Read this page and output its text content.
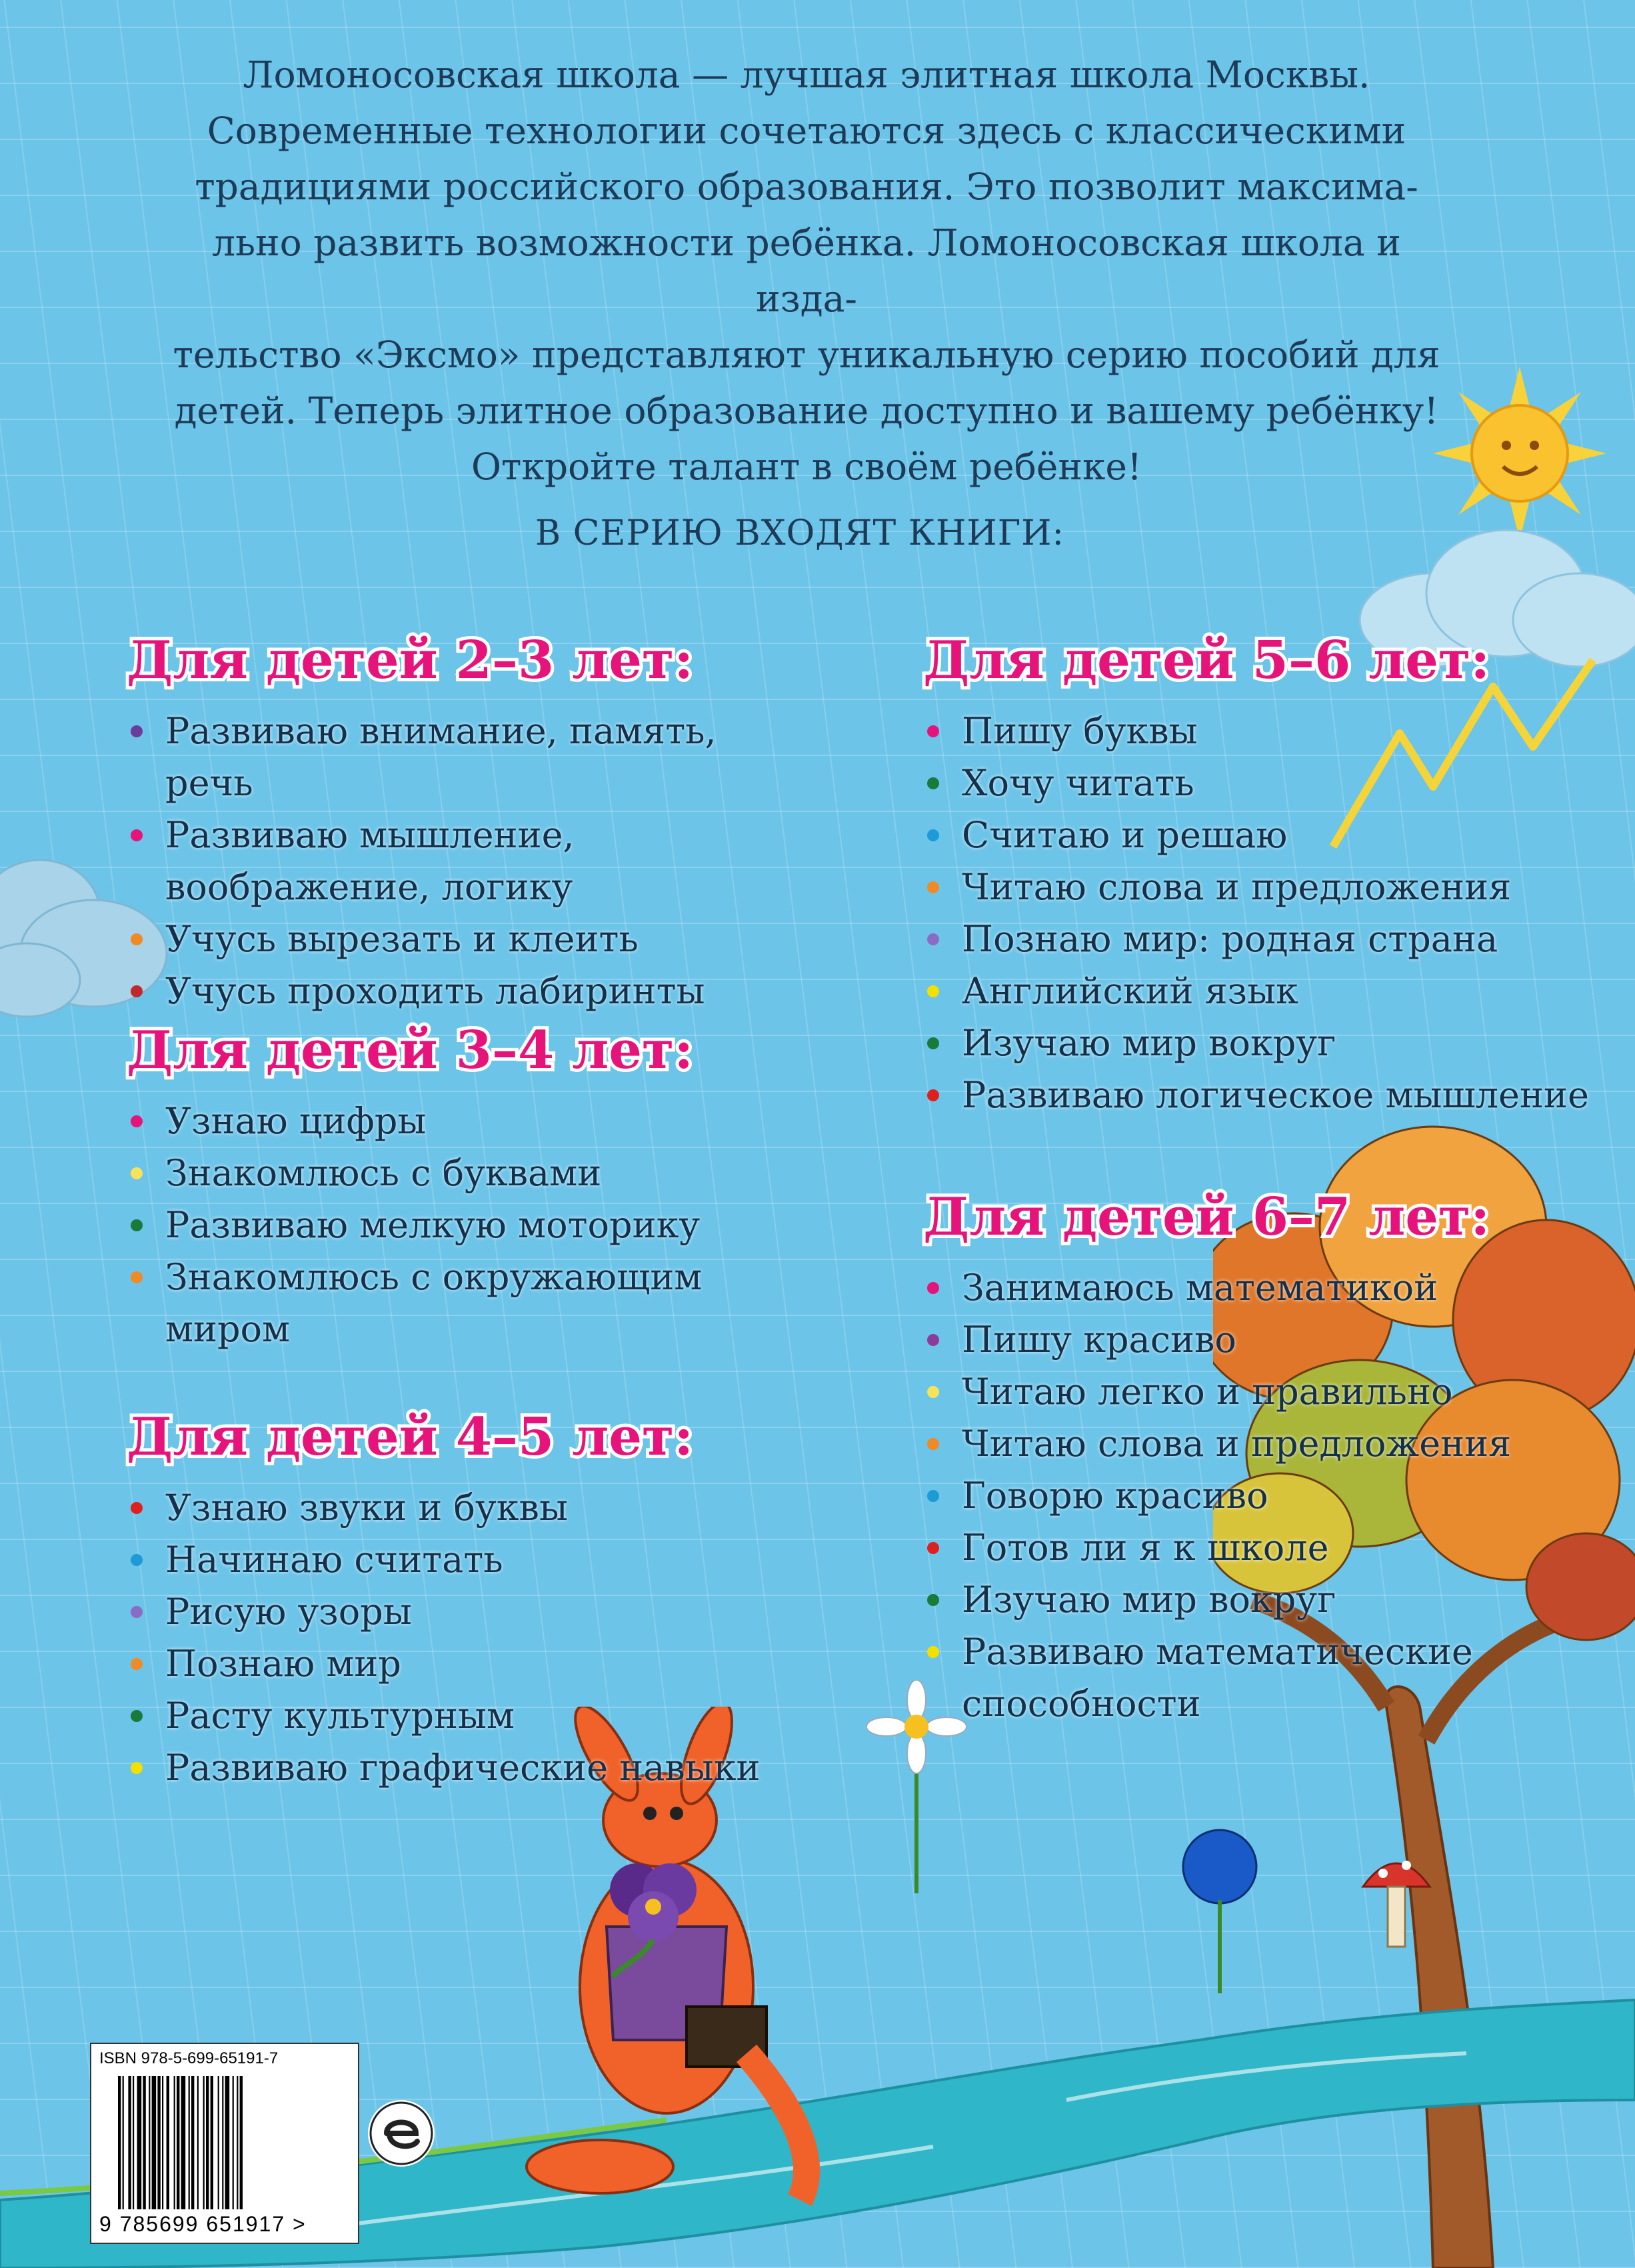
Ломоносовская школа — лучшая элитная школа Москвы.

Современные технологии сочетаются здесь с классическими

традициями российского образования. Это позволит максима-

льно развить возможности ребёнка. Ломоносовская школа и изда-

тельство «Эксмо» представляют уникальную серию пособий для

детей. Теперь элитное образование доступно и вашему ребёнку!

Откройте талант в своём ребёнке!

В СЕРИЮ ВХОДЯТ КНИГИ:
Для детей 2–3 лет:
Развиваю внимание, память, речь
Развиваю мышление, воображение, логику
Учусь вырезать и клеить
Учусь проходить лабиринты
Для детей 3–4 лет:
Узнаю цифры
Знакомлюсь с буквами
Развиваю мелкую моторику
Знакомлюсь с окружающим миром
Для детей 4–5 лет:
Узнаю звуки и буквы
Начинаю считать
Рисую узоры
Познаю мир
Расту культурным
Развиваю графические навыки
Для детей 5–6 лет:
Пишу буквы
Хочу читать
Считаю и решаю
Читаю слова и предложения
Познаю мир: родная страна
Английский язык
Изучаю мир вокруг
Развиваю логическое мышление
Для детей 6–7 лет:
Занимаюсь математикой
Пишу красиво
Читаю легко и правильно
Читаю слова и предложения
Говорю красиво
Готов ли я к школе
Изучаю мир вокруг
Развиваю математические способности
ISBN 978-5-699-65191-7
9 785699 651917 >
